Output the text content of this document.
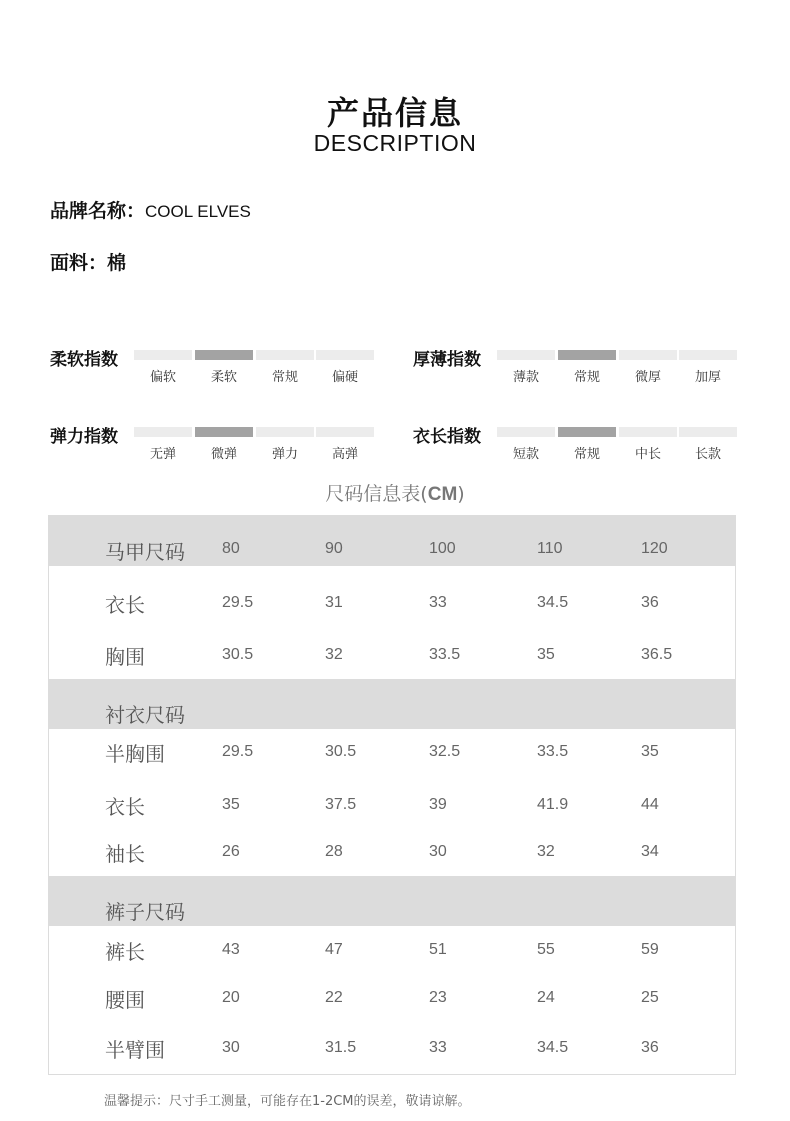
产品信息
DESCRIPTION
品牌名称：COOL ELVES
面料：棉
柔软指数
偏软	柔软	常规	偏硬
厚薄指数
薄款	常规	微厚	加厚
弹力指数
无弹	微弹	弹力	高弹
衣长指数
短款	常规	中长	长款
尺码信息表(CM)
马甲尺码 80	90	100	110	120
衣长	29.5	31	33	34.5	36
胸围	30.5	32	33.5	35	36.5
衬衣尺码
半胸围	29.5	30.5	32.5	33.5	35
衣长	35	37.5	39	41.9	44
袖长	26	28	30	32	34
裤子尺码
裤长	43	47	51	55	59
腰围	20	22	23	24	25
半臂围	30	31.5	33	34.5	36
温馨提示：尺寸手工测量，可能存在1-2CM的误差，敬请谅解。
